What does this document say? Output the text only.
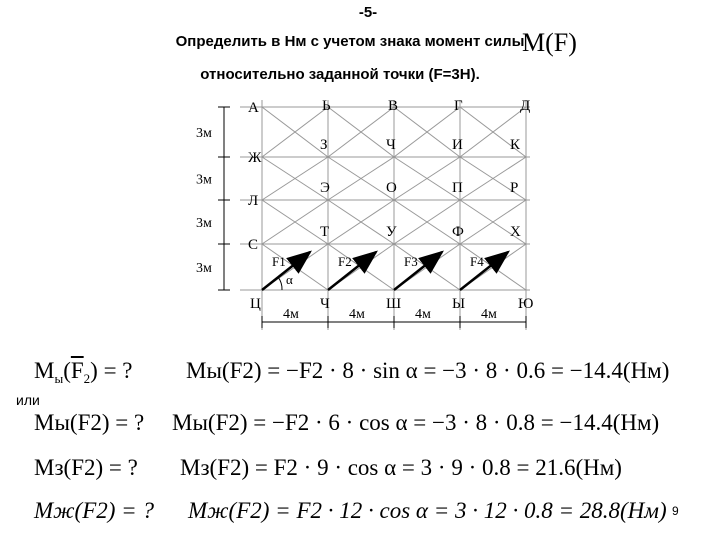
-5-
Определить в Нм с учетом знака момент силы
M(F)
относительно заданной точки (F=3H).
А	Ь	В	Г	Д
Ж
З	Ч	И	К
Л
Э	О	П	Р
С
Т	У	Ф	Х
Ц	Ч	Ш	Ы	Ю
3м
3м
3м
3м
4м	4м	4м	4м
F1	F2	F3	F4
α
$M_ы(\overline{F}_2)$ = ? Mы(F2) = −F2 · 8 · sin α = −3 · 8 · 0.6 = −14.4(Нм)
или
Mы(F2) = ? Mы(F2) = −F2 · 6 · cos α = −3 · 8 · 0.8 = −14.4(Нм)
Mз(F2) = ? Mз(F2) = F2 · 9 · cos α = 3 · 9 · 0.8 = 21.6(Нм)
Mж(F2) = ? Mж(F2) = F2 · 12 · cos α = 3 · 12 · 0.8 = 28.8(Нм) 9
